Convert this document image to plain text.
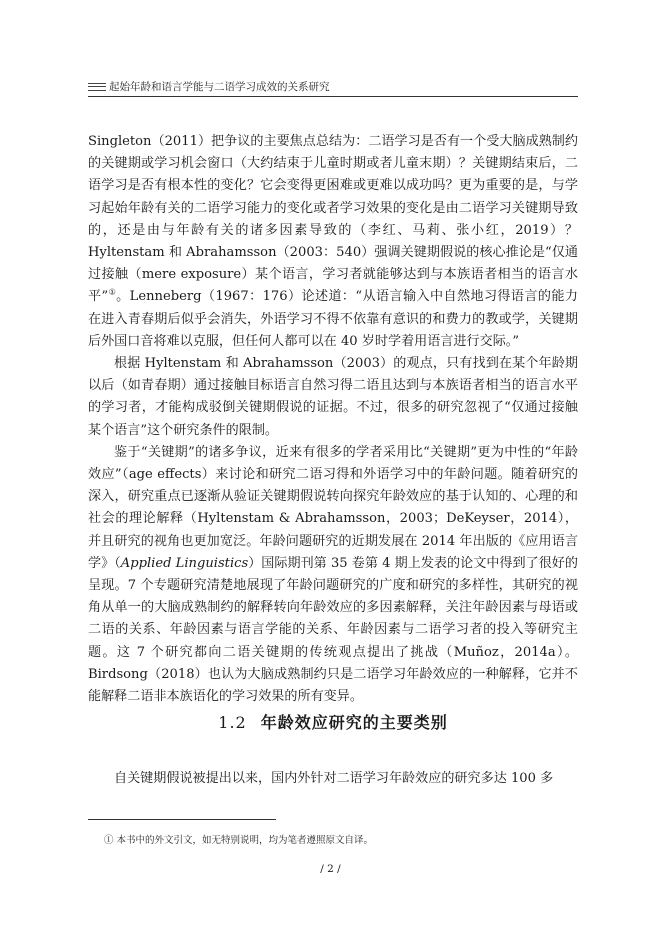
起始年龄和语言学能与二语学习成效的关系研究

Singleton（2011）把争议的主要焦点总结为：二语学习是否有一个受大脑成熟制约的关键期或学习机会窗口（大约结束于儿童时期或者儿童末期）？关键期结束后，二语学习是否有根本性的变化？它会变得更困难或更难以成功吗？更为重要的是，与学习起始年龄有关的二语学习能力的变化或者学习效果的变化是由二语学习关键期导致的，还是由与年龄有关的诸多因素导致的（李红、马莉、张小红，2019）？Hyltenstam 和 Abrahamsson（2003：540）强调关键期假说的核心推论是“仅通过接触（mere exposure）某个语言，学习者就能够达到与本族语者相当的语言水平”①。Lenneberg（1967：176）论述道：“从语言输入中自然地习得语言的能力在进入青春期后似乎会消失，外语学习不得不依靠有意识的和费力的教或学，关键期后外国口音将难以克服，但任何人都可以在 40 岁时学着用语言进行交际。”

根据 Hyltenstam 和 Abrahamsson（2003）的观点，只有找到在某个年龄期以后（如青春期）通过接触目标语言自然习得二语且达到与本族语者相当的语言水平的学习者，才能构成驳倒关键期假说的证据。不过，很多的研究忽视了“仅通过接触某个语言”这个研究条件的限制。

鉴于“关键期”的诸多争议，近来有很多的学者采用比“关键期”更为中性的“年龄效应”（age effects）来讨论和研究二语习得和外语学习中的年龄问题。随着研究的深入，研究重点已逐渐从验证关键期假说转向探究年龄效应的基于认知的、心理的和社会的理论解释（Hyltenstam & Abrahamsson，2003；DeKeyser，2014），并且研究的视角也更加宽泛。年龄问题研究的近期发展在 2014 年出版的《应用语言学》（Applied Linguistics）国际期刊第 35 卷第 4 期上发表的论文中得到了很好的呈现。7 个专题研究清楚地展现了年龄问题研究的广度和研究的多样性，其研究的视角从单一的大脑成熟制约的解释转向年龄效应的多因素解释，关注年龄因素与母语或二语的关系、年龄因素与语言学能的关系、年龄因素与二语学习者的投入等研究主题。这 7 个研究都向二语关键期的传统观点提出了挑战（Muñoz，2014a）。Birdsong（2018）也认为大脑成熟制约只是二语学习年龄效应的一种解释，它并不能解释二语非本族语化的学习效果的所有变异。

1.2 年龄效应研究的主要类别
自关键期假说被提出以来，国内外针对二语学习年龄效应的研究多达 100 多
① 本书中的外文引文，如无特别说明，均为笔者遵照原文自译。
/ 2 /
